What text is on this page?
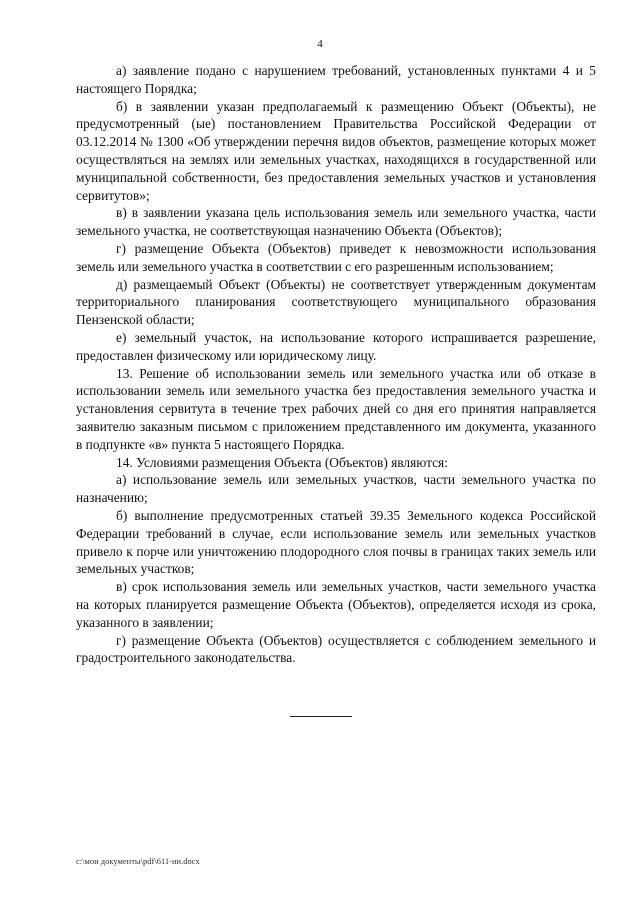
4

а) заявление подано с нарушением требований, установленных пунктами 4 и 5 настоящего Порядка;

б) в заявлении указан предполагаемый к размещению Объект (Объекты), не предусмотренный (ые) постановлением Правительства Российской Федерации от 03.12.2014 № 1300 «Об утверждении перечня видов объектов, размещение которых может осуществляться на землях или земельных участках, находящихся в государственной или муниципальной собственности, без предоставления земельных участков и установления сервитутов»;

в) в заявлении указана цель использования земель или земельного участка, части земельного участка, не соответствующая назначению Объекта (Объектов);

г) размещение Объекта (Объектов) приведет к невозможности использования земель или земельного участка в соответствии с его разрешенным использованием;

д) размещаемый Объект (Объекты) не соответствует утвержденным документам территориального планирования соответствующего муниципального образования Пензенской области;

е) земельный участок, на использование которого испрашивается разрешение, предоставлен физическому или юридическому лицу.

13. Решение об использовании земель или земельного участка или об отказе в использовании земель или земельного участка без предоставления земельного участка и установления сервитута в течение трех рабочих дней со дня его принятия направляется заявителю заказным письмом с приложением представленного им документа, указанного в подпункте «в» пункта 5 настоящего Порядка.

14. Условиями размещения Объекта (Объектов) являются:

а) использование земель или земельных участков, части земельного участка по назначению;

б) выполнение предусмотренных статьей 39.35 Земельного кодекса Российской Федерации требований в случае, если использование земель или земельных участков привело к порче или уничтожению плодородного слоя почвы в границах таких земель или земельных участков;

в) срок использования земель или земельных участков, части земельного участка на которых планируется размещение Объекта (Объектов), определяется исходя из срока, указанного в заявлении;

г) размещение Объекта (Объектов) осуществляется с соблюдением земельного и градостроительного законодательства.

c:\мои документы\pdf\611-ии.docx
